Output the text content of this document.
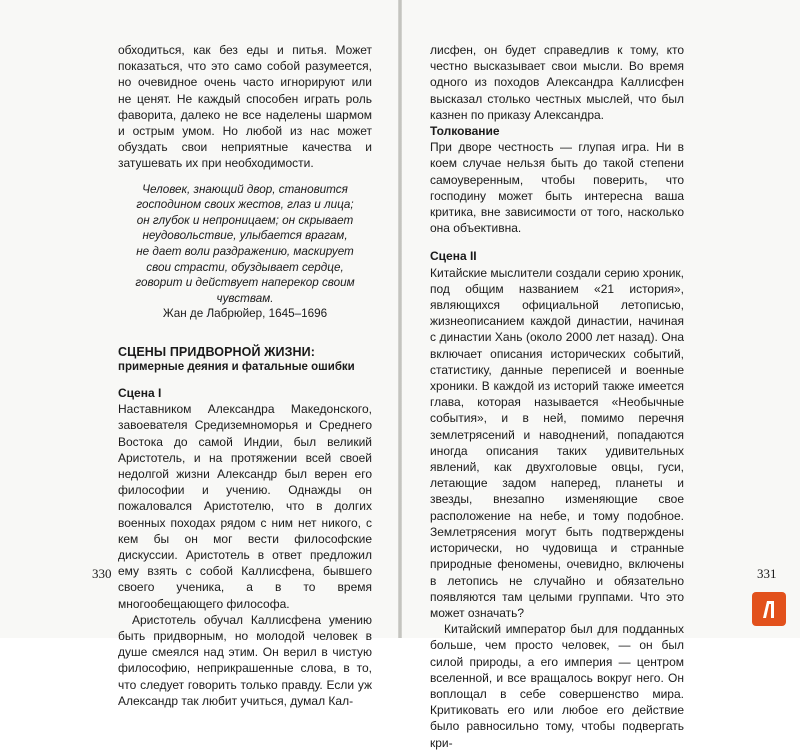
обходиться, как без еды и питья. Может показаться, что это само собой разумеется, но очевидное очень часто игнорируют или не ценят. Не каждый способен играть роль фаворита, далеко не все наделены шармом и острым умом. Но любой из нас может обуздать свои неприятные качества и затушевать их при необходимости.

Человек, знающий двор, становится
господином своих жестов, глаз и лица;
он глубок и непроницаем; он скрывает
неудовольствие, улыбается врагам,
не дает воли раздражению, маскирует
свои страсти, обуздывает сердце,
говорит и действует наперекор своим
чувствам.
Жан де Лабрюйер, 1645–1696
СЦЕНЫ ПРИДВОРНОЙ ЖИЗНИ:
примерные деяния и фатальные ошибки
Сцена I

Наставником Александра Македонского, завоевателя Средиземноморья и Среднего Востока до самой Индии, был великий Аристотель, и на протяжении всей своей недолгой жизни Александр был верен его философии и учению. Однажды он пожаловался Аристотелю, что в долгих военных походах рядом с ним нет никого, с кем бы он мог вести философские дискуссии. Аристотель в ответ предложил ему взять с собой Каллисфена, бывшего своего ученика, а в то время многообещающего философа.

Аристотель обучал Каллисфена умению быть придворным, но молодой человек в душе смеялся над этим. Он верил в чистую философию, неприкрашенные слова, в то, что следует говорить только правду. Если уж Александр так любит учиться, думал Кал-

330

лисфен, он будет справедлив к тому, кто честно высказывает свои мысли. Во время одного из походов Александра Каллисфен высказал столько честных мыслей, что был казнен по приказу Александра.

Толкование

При дворе честность — глупая игра. Ни в коем случае нельзя быть до такой степени самоуверенным, чтобы поверить, что господину может быть интересна ваша критика, вне зависимости от того, насколько она объективна.

Сцена II

Китайские мыслители создали серию хроник, под общим названием «21 история», являющихся официальной летописью, жизнеописанием каждой династии, начиная с династии Хань (около 2000 лет назад). Она включает описания исторических событий, статистику, данные переписей и военные хроники. В каждой из историй также имеется глава, которая называется «Необычные события», и в ней, помимо перечня землетрясений и наводнений, попадаются иногда описания таких удивительных явлений, как двухголовые овцы, гуси, летающие задом наперед, планеты и звезды, внезапно изменяющие свое расположение на небе, и тому подобное. Землетрясения могут быть подтверждены исторически, но чудовища и странные природные феномены, очевидно, включены в летопись не случайно и обязательно появляются там целыми группами. Что это может означать?

Китайский император был для подданных больше, чем просто человек, — он был силой природы, а его империя — центром вселенной, и все вращалось вокруг него. Он воплощал в себе совершенство мира. Критиковать его или любое его действие было равносильно тому, чтобы подвергать кри-

331
